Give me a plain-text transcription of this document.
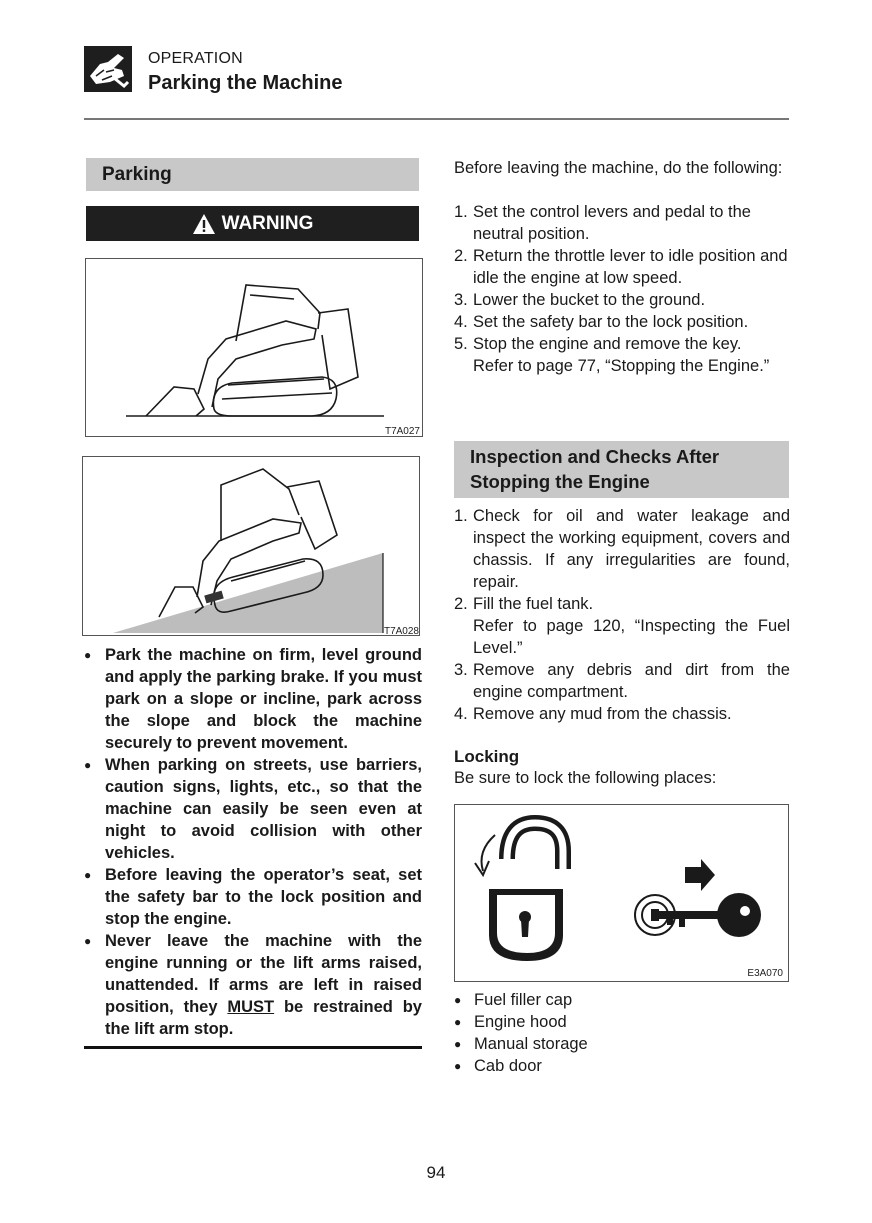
OPERATION
Parking the Machine
Parking
WARNING
T7A027
T7A028
● Park the machine on firm, level ground and apply the parking brake. If you must park on a slope or incline, park across the slope and block the machine securely to prevent movement.
● When parking on streets, use barriers, caution signs, lights, etc., so that the machine can easily be seen even at night to avoid collision with other vehicles.
● Before leaving the operator’s seat, set the safety bar to the lock position and stop the engine.
● Never leave the machine with the engine running or the lift arms raised, unattended. If arms are left in raised position, they MUST be restrained by the lift arm stop.
Before leaving the machine, do the following:
1. Set the control levers and pedal to the neutral position.
2. Return the throttle lever to idle position and idle the engine at low speed.
3. Lower the bucket to the ground.
4. Set the safety bar to the lock position.
5. Stop the engine and remove the key.
Refer to page 77, “Stopping the Engine.”
Inspection and Checks After
Stopping the Engine
1. Check for oil and water leakage and inspect the working equipment, covers and chassis. If any irregularities are found, repair.
2. Fill the fuel tank.
Refer to page 120, “Inspecting the Fuel Level.”
3. Remove any debris and dirt from the engine compartment.
4. Remove any mud from the chassis.
Locking
Be sure to lock the following places:
E3A070
● Fuel filler cap
● Engine hood
● Manual storage
● Cab door
94
